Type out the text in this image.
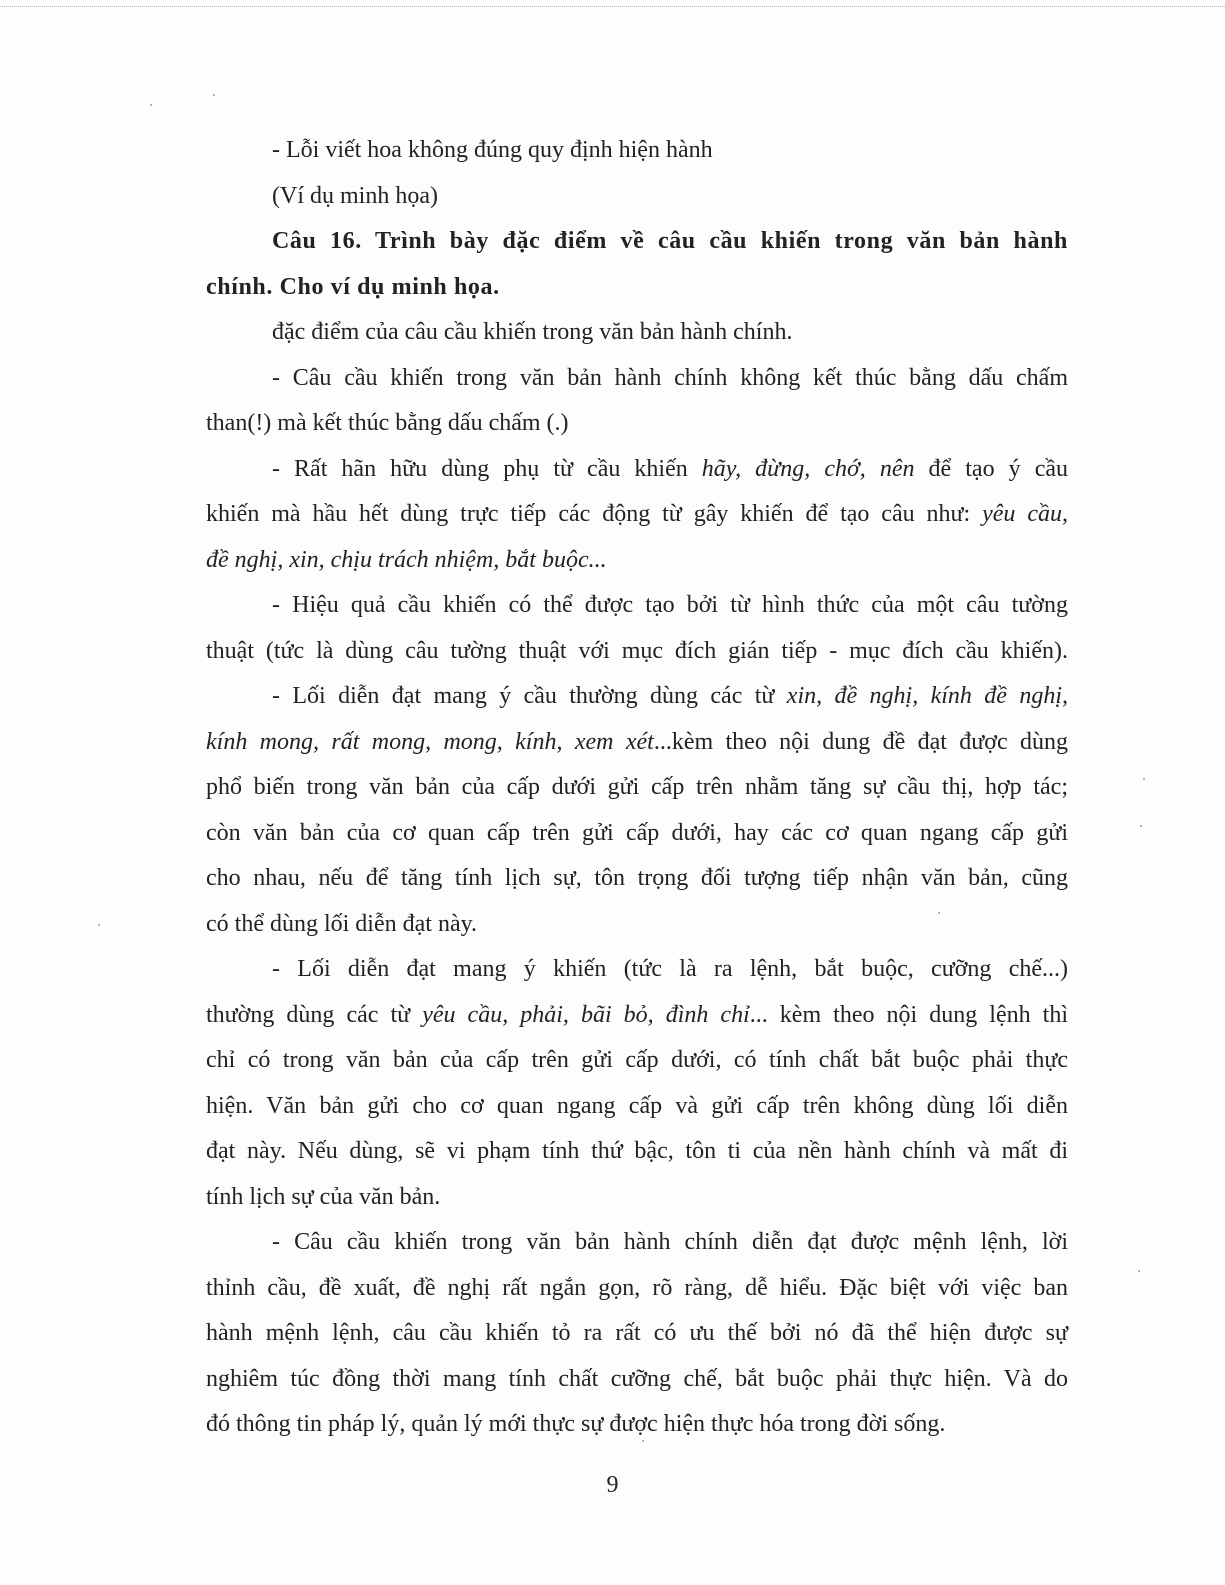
- Lỗi viết hoa không đúng quy định hiện hành

(Ví dụ minh họa)

Câu 16. Trình bày đặc điểm về câu cầu khiến trong văn bản hành

chính. Cho ví dụ minh họa.

đặc điểm của câu cầu khiến trong văn bản hành chính.

- Câu cầu khiến trong văn bản hành chính không kết thúc bằng dấu chấm

than(!) mà kết thúc bằng dấu chấm (.)

- Rất hãn hữu dùng phụ từ cầu khiến hãy, đừng, chớ, nên để tạo ý cầu

khiến mà hầu hết dùng trực tiếp các động từ gây khiến để tạo câu như: yêu cầu,

đề nghị, xin, chịu trách nhiệm, bắt buộc...

- Hiệu quả cầu khiến có thể được tạo bởi từ hình thức của một câu tường

thuật (tức là dùng câu tường thuật với mục đích gián tiếp - mục đích cầu khiến).

- Lối diễn đạt mang ý cầu thường dùng các từ xin, đề nghị, kính đề nghị,

kính mong, rất mong, mong, kính, xem xét...kèm theo nội dung đề đạt được dùng

phổ biến trong văn bản của cấp dưới gửi cấp trên nhằm tăng sự cầu thị, hợp tác;

còn văn bản của cơ quan cấp trên gửi cấp dưới, hay các cơ quan ngang cấp gửi

cho nhau, nếu để tăng tính lịch sự, tôn trọng đối tượng tiếp nhận văn bản, cũng

có thể dùng lối diễn đạt này.

- Lối diễn đạt mang ý khiến (tức là ra lệnh, bắt buộc, cưỡng chế...)

thường dùng các từ yêu cầu, phải, bãi bỏ, đình chỉ... kèm theo nội dung lệnh thì

chỉ có trong văn bản của cấp trên gửi cấp dưới, có tính chất bắt buộc phải thực

hiện. Văn bản gửi cho cơ quan ngang cấp và gửi cấp trên không dùng lối diễn

đạt này. Nếu dùng, sẽ vi phạm tính thứ bậc, tôn ti của nền hành chính và mất đi

tính lịch sự của văn bản.

- Câu cầu khiến trong văn bản hành chính diễn đạt được mệnh lệnh, lời

thỉnh cầu, đề xuất, đề nghị rất ngắn gọn, rõ ràng, dễ hiểu. Đặc biệt với việc ban

hành mệnh lệnh, câu cầu khiến tỏ ra rất có ưu thế bởi nó đã thể hiện được sự

nghiêm túc đồng thời mang tính chất cưỡng chế, bắt buộc phải thực hiện. Và do

đó thông tin pháp lý, quản lý mới thực sự được hiện thực hóa trong đời sống.

9
